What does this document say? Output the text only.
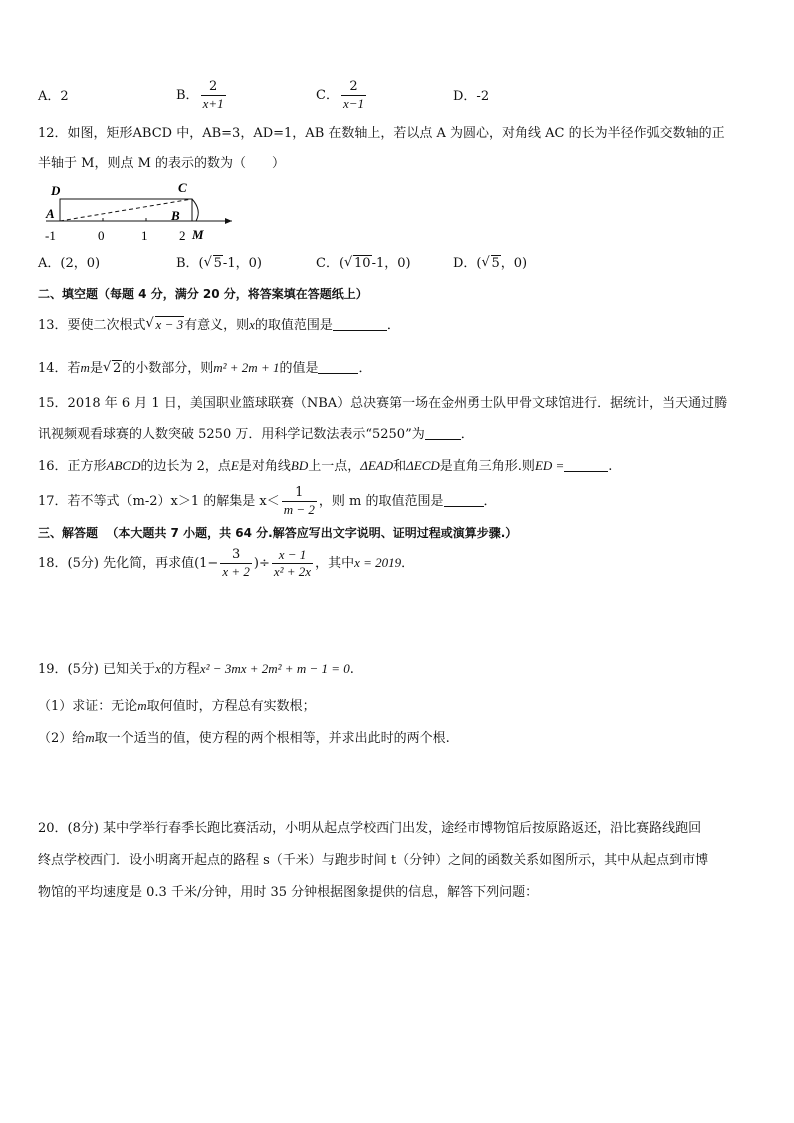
A．2	B． $\frac{2}{x+1}$	C． $\frac{2}{x-1}$	D．-2
12．如图，矩形ABCD 中，AB=3，AD=1，AB 在数轴上，若以点 A 为圆心，对角线 AC 的长为半径作弧交数轴的正
半轴于 M，则点 M 的表示的数为（　　）
D	C
A	B
M
-1	0	1 2
A．(2，0)	B．( √ 5-1，0)	C．( √ 10-1，0)	D．( √ 5，0)
二、填空题（每题 4 分，满分 20 分，将答案填在答题纸上）
13．要使二次根式 √ x − 3有意义，则x的取值范围是	．
14．若m是 √ 2的小数部分，则m² + 2m + 1的值是	．
15．2018 年 6 月 1 日，美国职业篮球联赛（NBA）总决赛第一场在金州勇士队甲骨文球馆进行．据统计，当天通过腾
讯视频观看球赛的人数突破 5250 万．用科学记数法表示“5250”为	．
16．正方形ABCD的边长为 2，点E是对角线BD上一点，ΔEAD和ΔECD是直角三角形.则ED =	.
17．若不等式（m-2）x＞1 的解集是 $x< \frac{1}{m - 2}$ ，则 m 的取值范围是	．
三、解答题 （本大题共 7 小题，共 64 分.解答应写出文字说明、证明过程或演算步骤.）
18．(5分) 先化简，再求值($1- \frac{3}{x + 2}$ )÷ $\frac{x - 1}{\text{x² + 2x}}$ ，其中x = 2019．
19．(5分) 已知关于x的方程x² − 3mx + 2m² + m − 1 = 0.
（1）求证：无论m取何值时，方程总有实数根；
（2）给m取一个适当的值，使方程的两个根相等，并求出此时的两个根.
20．(8分) 某中学举行春季长跑比赛活动，小明从起点学校西门出发，途经市博物馆后按原路返还，沿比赛路线跑回
终点学校西门．设小明离开起点的路程 s（千米）与跑步时间 t（分钟）之间的函数关系如图所示，其中从起点到市博
物馆的平均速度是 0.3 千米/分钟，用时 35 分钟根据图象提供的信息，解答下列问题：
